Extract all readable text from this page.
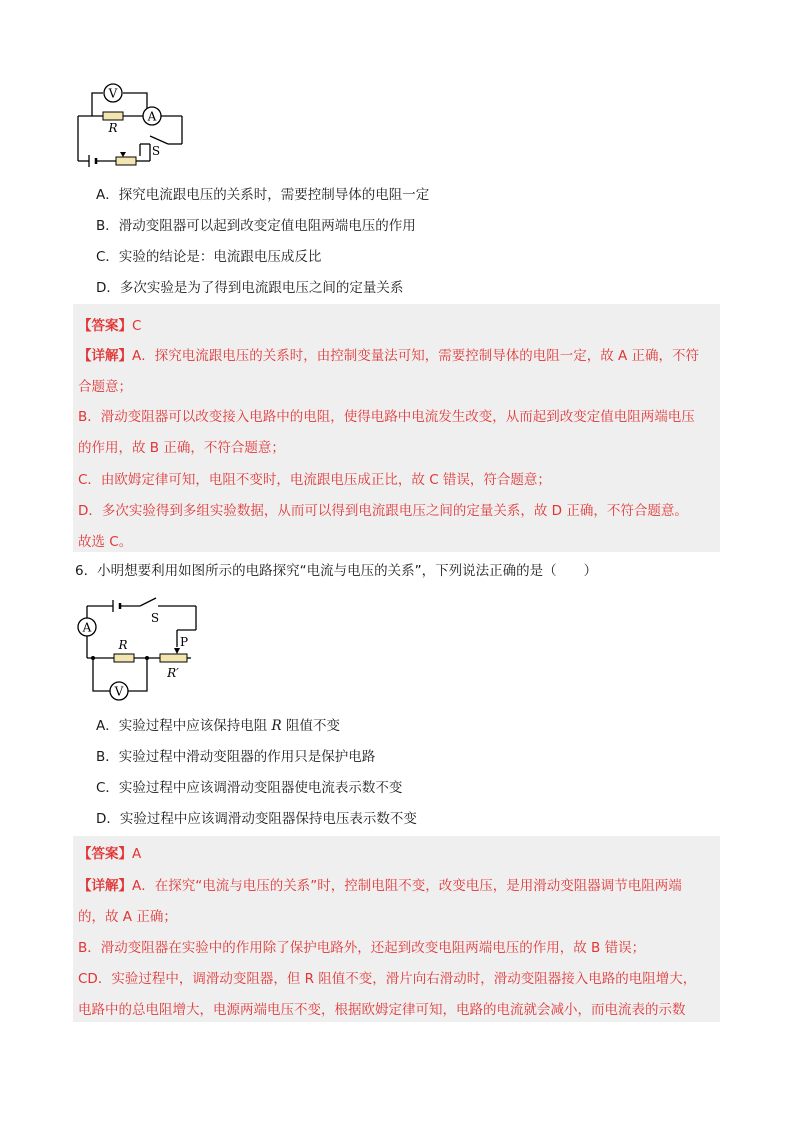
V
A
R
S
A．探究电流跟电压的关系时，需要控制导体的电阻一定
B．滑动变阻器可以起到改变定值电阻两端电压的作用
C．实验的结论是：电流跟电压成反比
D．多次实验是为了得到电流跟电压之间的定量关系
【答案】C
【详解】A．探究电流跟电压的关系时，由控制变量法可知，需要控制导体的电阻一定，故 A 正确，不符
合题意；
B．滑动变阻器可以改变接入电路中的电阻，使得电路中电流发生改变，从而起到改变定值电阻两端电压
的作用，故 B 正确，不符合题意；
C．由欧姆定律可知，电阻不变时，电流跟电压成正比，故 C 错误，符合题意；
D．多次实验得到多组实验数据，从而可以得到电流跟电压之间的定量关系，故 D 正确，不符合题意。
故选 C。
6．小明想要利用如图所示的电路探究“电流与电压的关系”，下列说法正确的是（　　）
A
V
S
R	P
R′
A．实验过程中应该保持电阻 R 阻值不变
B．实验过程中滑动变阻器的作用只是保护电路
C．实验过程中应该调滑动变阻器使电流表示数不变
D．实验过程中应该调滑动变阻器保持电压表示数不变
【答案】A
【详解】A．在探究“电流与电压的关系”时，控制电阻不变，改变电压，是用滑动变阻器调节电阻两端
的，故 A 正确；
B．滑动变阻器在实验中的作用除了保护电路外，还起到改变电阻两端电压的作用，故 B 错误；
CD．实验过程中，调滑动变阻器，但 R 阻值不变，滑片向右滑动时，滑动变阻器接入电路的电阻增大，
电路中的总电阻增大，电源两端电压不变，根据欧姆定律可知，电路的电流就会减小，而电流表的示数
